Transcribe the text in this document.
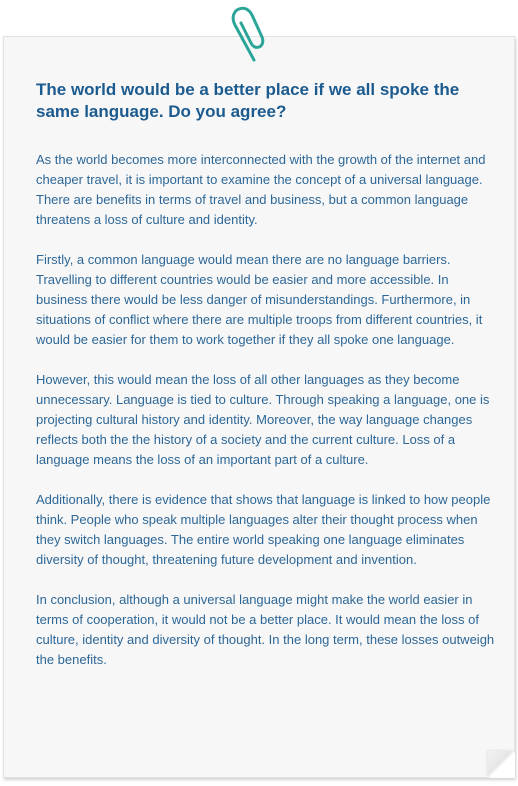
The world would be a better place if we all spoke the same language. Do you agree?

As the world becomes more interconnected with the growth of the internet and cheaper travel, it is important to examine the concept of a universal language. There are benefits in terms of travel and business, but a common language threatens a loss of culture and identity.

Firstly, a common language would mean there are no language barriers. Travelling to different countries would be easier and more accessible. In business there would be less danger of misunderstandings. Furthermore, in situations of conflict where there are multiple troops from different countries, it would be easier for them to work together if they all spoke one language.

However, this would mean the loss of all other languages as they become unnecessary. Language is tied to culture. Through speaking a language, one is projecting cultural history and identity. Moreover, the way language changes reflects both the the history of a society and the current culture. Loss of a language means the loss of an important part of a culture.

Additionally, there is evidence that shows that language is linked to how people think. People who speak multiple languages alter their thought process when they switch languages. The entire world speaking one language eliminates diversity of thought, threatening future development and invention.

In conclusion, although a universal language might make the world easier in terms of cooperation, it would not be a better place. It would mean the loss of culture, identity and diversity of thought. In the long term, these losses outweigh the benefits.
